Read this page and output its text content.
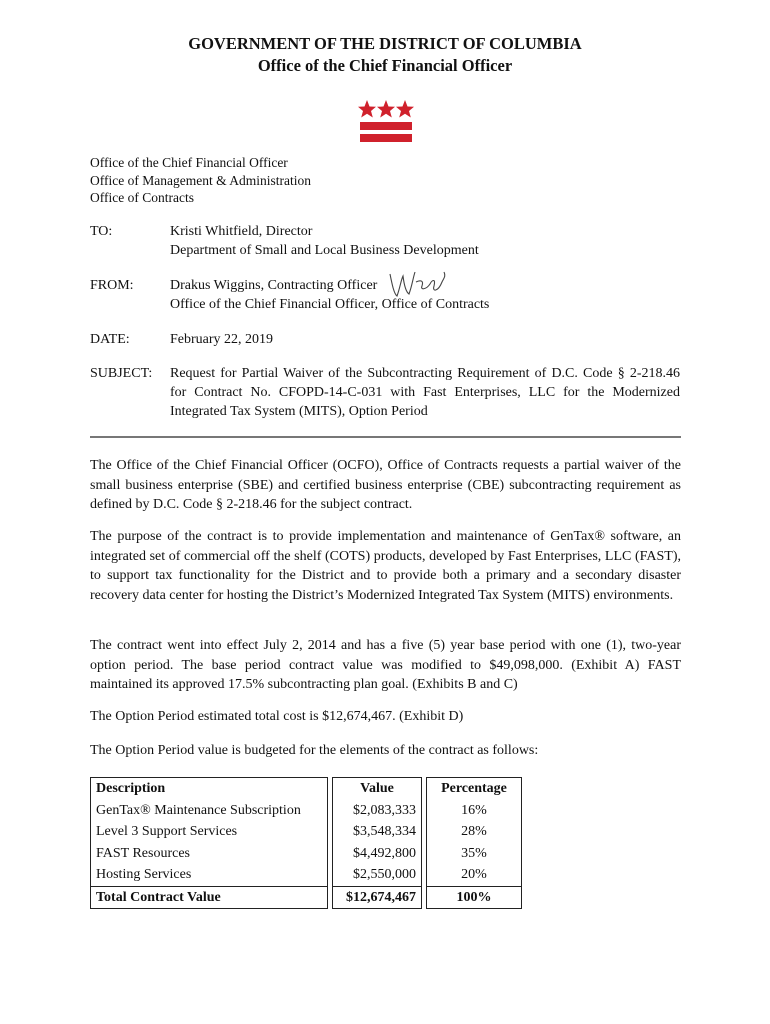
GOVERNMENT OF THE DISTRICT OF COLUMBIA
Office of the Chief Financial Officer
Office of the Chief Financial Officer
Office of Management & Administration
Office of Contracts
TO:	Kristi Whitfield, Director
Department of Small and Local Business Development
FROM:	Drakus Wiggins, Contracting Officer
Office of the Chief Financial Officer, Office of Contracts
DATE:	February 22, 2019
SUBJECT:	Request for Partial Waiver of the Subcontracting Requirement of D.C. Code § 2-218.46 for Contract No. CFOPD-14-C-031 with Fast Enterprises, LLC for the Modernized Integrated Tax System (MITS), Option Period
The Office of the Chief Financial Officer (OCFO), Office of Contracts requests a partial waiver of the small business enterprise (SBE) and certified business enterprise (CBE) subcontracting requirement as defined by D.C. Code § 2-218.46 for the subject contract.
The purpose of the contract is to provide implementation and maintenance of GenTax® software, an integrated set of commercial off the shelf (COTS) products, developed by Fast Enterprises, LLC (FAST), to support tax functionality for the District and to provide both a primary and a secondary disaster recovery data center for hosting the District’s Modernized Integrated Tax System (MITS) environments.
The contract went into effect July 2, 2014 and has a five (5) year base period with one (1), two-year option period. The base period contract value was modified to $49,098,000. (Exhibit A) FAST maintained its approved 17.5% subcontracting plan goal. (Exhibits B and C)
The Option Period estimated total cost is $12,674,467. (Exhibit D)
The Option Period value is budgeted for the elements of the contract as follows:
Description		Value		Percentage
GenTax® Maintenance Subscription		$2,083,333		16%
Level 3 Support Services		$3,548,334		28%
FAST Resources		$4,492,800		35%
Hosting Services		$2,550,000		20%
Total Contract Value		$12,674,467		100%
